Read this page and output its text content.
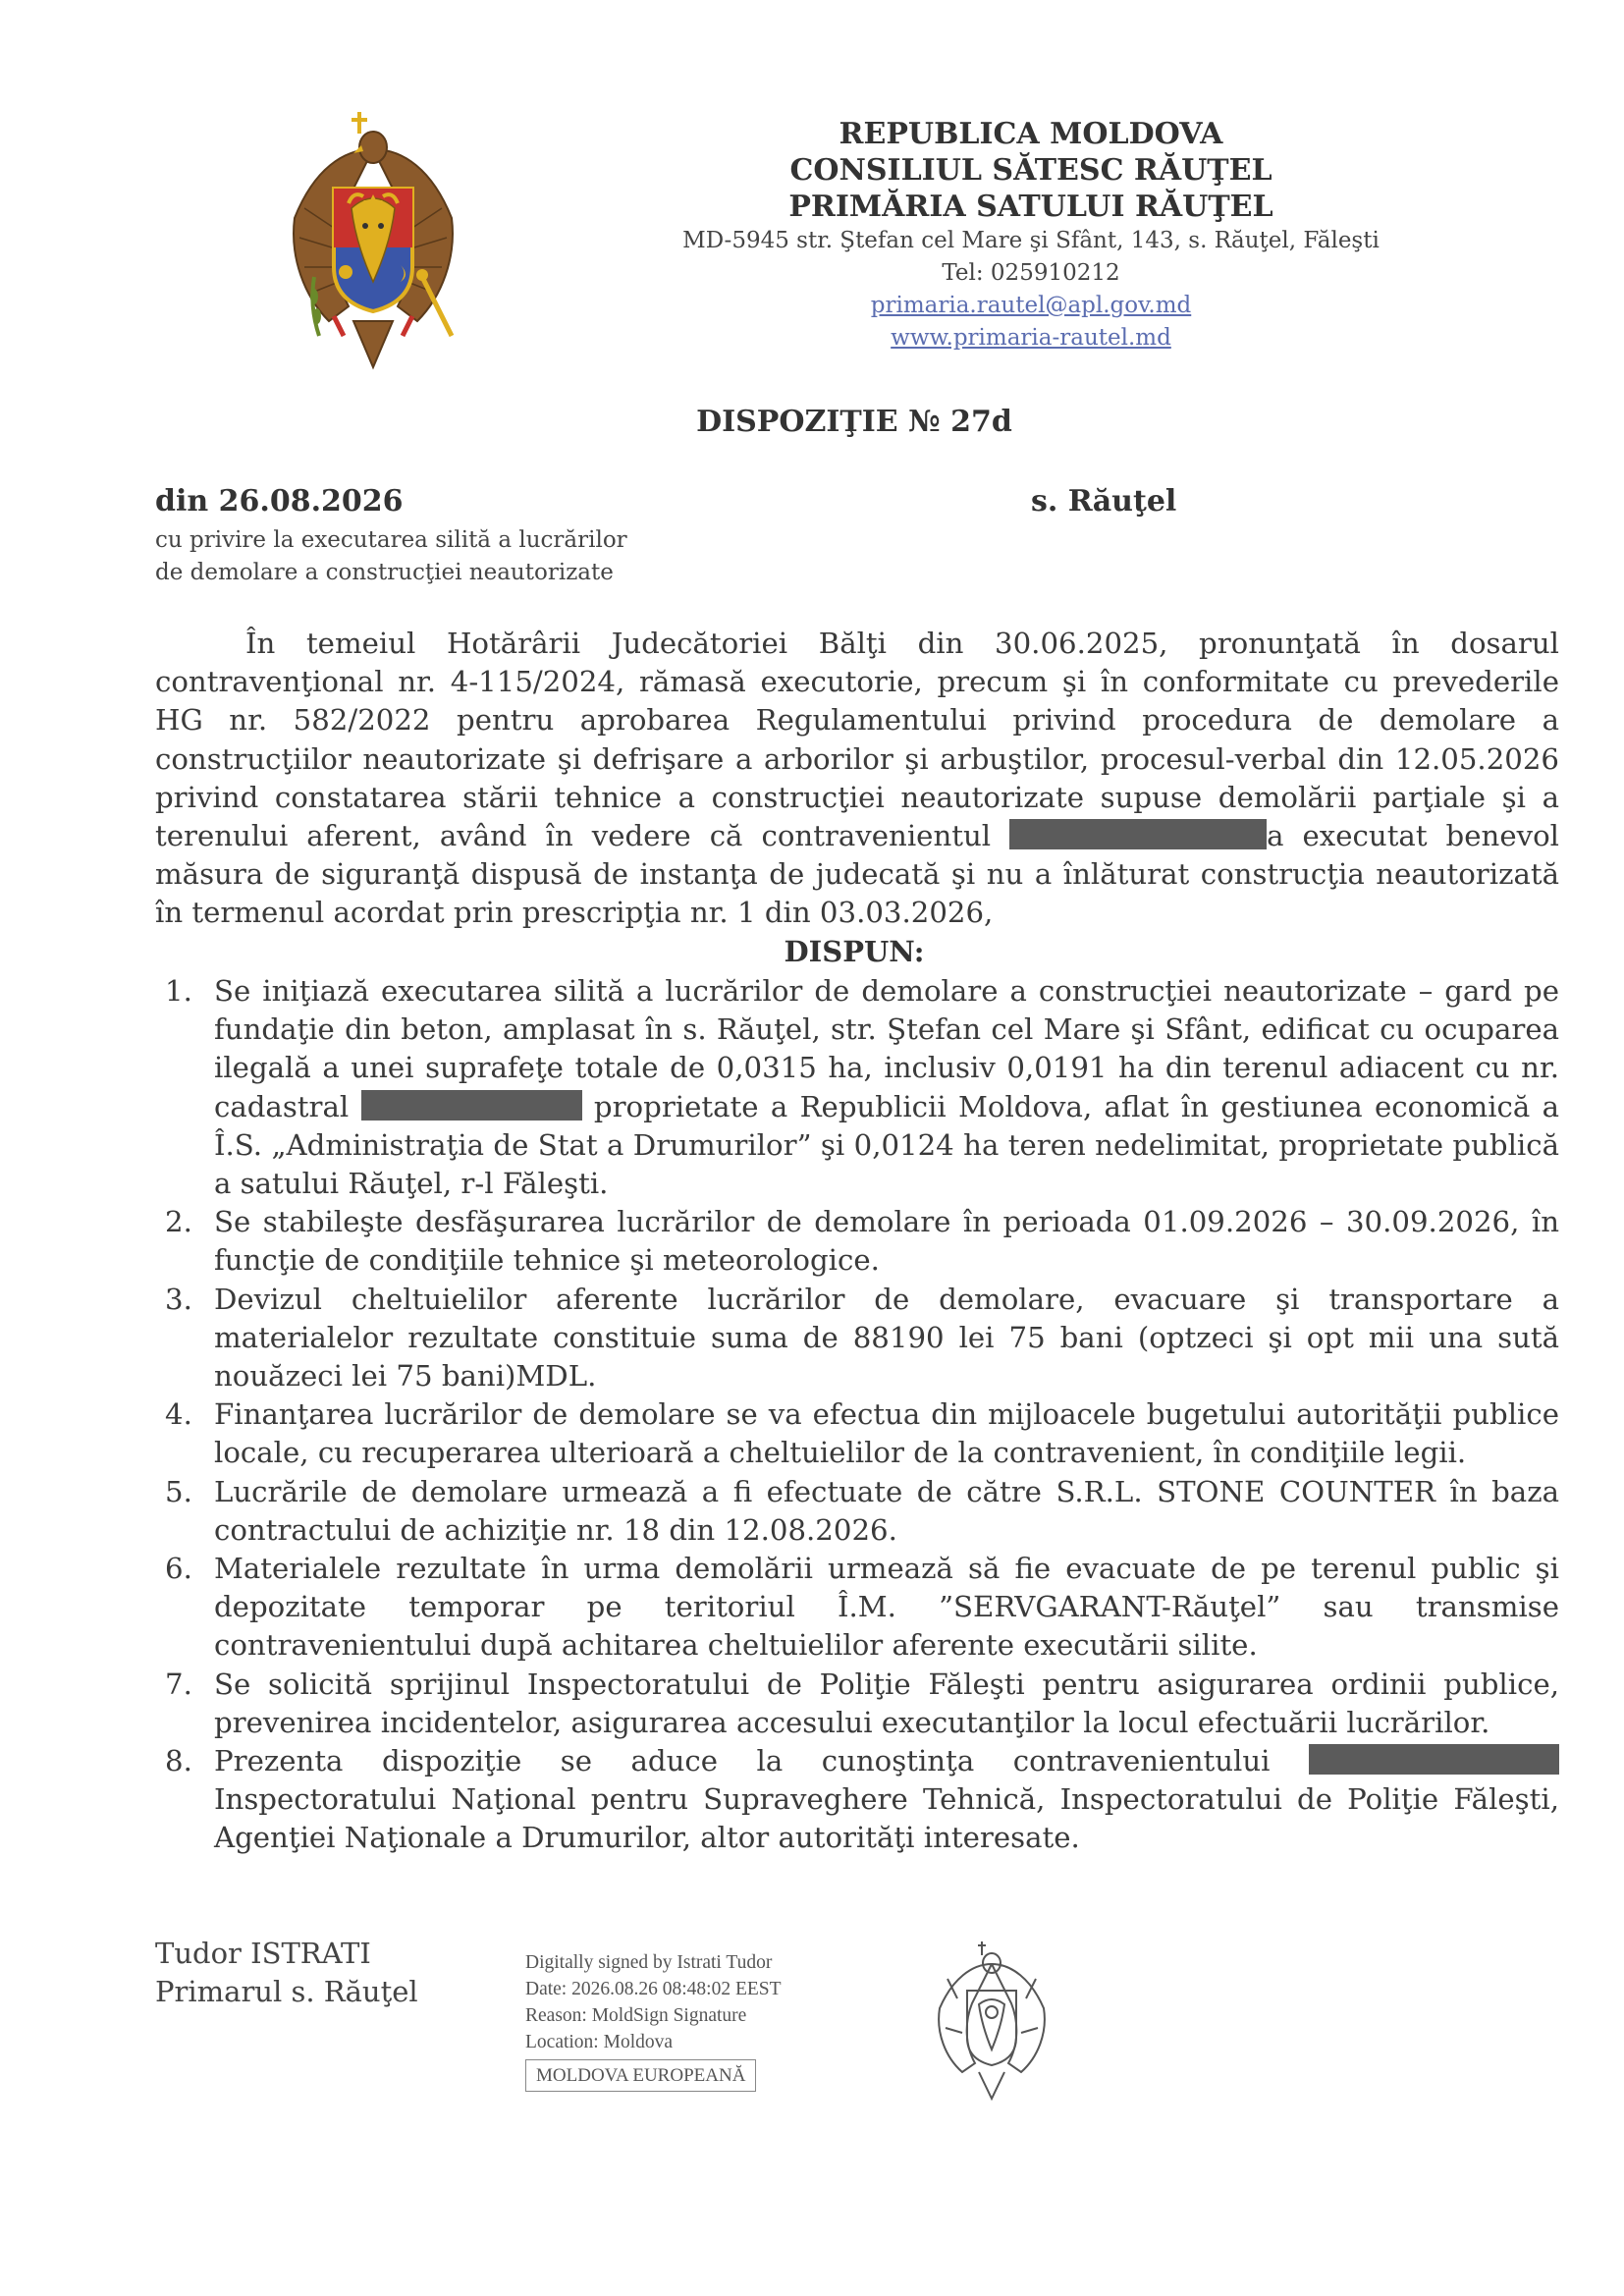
REPUBLICA MOLDOVA
CONSILIUL SĂTESC RĂUŢEL
PRIMĂRIA SATULUI RĂUŢEL
MD-5945 str. Ştefan cel Mare şi Sfânt, 143, s. Răuţel, Făleşti
Tel: 025910212
primaria.rautel@apl.gov.md
www.primaria-rautel.md
DISPOZIŢIE № 27d
din 26.08.2026	s. Răuţel
cu privire la executarea silită a lucrărilor
de demolare a construcţiei neautorizate
În temeiul Hotărârii Judecătoriei Bălţi din 30.06.2025, pronunţată în dosarul contravenţional nr. 4-115/2024, rămasă executorie, precum şi în conformitate cu prevederile HG nr. 582/2022 pentru aprobarea Regulamentului privind procedura de demolare a construcţiilor neautorizate şi defrişare a arborilor şi arbuştilor, procesul-verbal din 12.05.2026 privind constatarea stării tehnice a construcţiei neautorizate supuse demolării parţiale şi a terenului aferent, având în vedere că contravenientul	a executat benevol măsura de siguranţă dispusă de instanţa de judecată şi nu a înlăturat construcţia neautorizată în termenul acordat prin prescripţia nr. 1 din 03.03.2026,
DISPUN:
1. Se iniţiază executarea silită a lucrărilor de demolare a construcţiei neautorizate – gard pe fundaţie din beton, amplasat în s. Răuţel, str. Ştefan cel Mare şi Sfânt, edificat cu ocuparea ilegală a unei suprafeţe totale de 0,0315 ha, inclusiv 0,0191 ha din terenul adiacent cu nr. cadastral	proprietate a Republicii Moldova, aflat în gestiunea economică a Î.S. „Administraţia de Stat a Drumurilor” şi 0,0124 ha teren nedelimitat, proprietate publică a satului Răuţel, r-l Făleşti.
2. Se stabileşte desfăşurarea lucrărilor de demolare în perioada 01.09.2026 – 30.09.2026, în funcţie de condiţiile tehnice şi meteorologice.
3. Devizul cheltuielilor aferente lucrărilor de demolare, evacuare şi transportare a materialelor rezultate constituie suma de 88190 lei 75 bani (optzeci şi opt mii una sută nouăzeci lei 75 bani)MDL.
4. Finanţarea lucrărilor de demolare se va efectua din mijloacele bugetului autorităţii publice locale, cu recuperarea ulterioară a cheltuielilor de la contravenient, în condiţiile legii.
5. Lucrările de demolare urmează a fi efectuate de către S.R.L. STONE COUNTER în baza contractului de achiziţie nr. 18 din 12.08.2026.
6. Materialele rezultate în urma demolării urmează să fie evacuate de pe terenul public şi depozitate temporar pe teritoriul Î.M. ”SERVGARANT-Răuţel” sau transmise contravenientului după achitarea cheltuielilor aferente executării silite.
7. Se solicită sprijinul Inspectoratului de Poliţie Făleşti pentru asigurarea ordinii publice, prevenirea incidentelor, asigurarea accesului executanţilor la locul efectuării lucrărilor.
8. Prezenta dispoziţie se aduce la cunoştinţa contravenientului  Inspectoratului Naţional pentru Supraveghere Tehnică, Inspectoratului de Poliţie Făleşti, Agenţiei Naţionale a Drumurilor, altor autorităţi interesate.
Tudor ISTRATI
Primarul s. Răuţel
Digitally signed by Istrati Tudor
Date: 2026.08.26 08:48:02 EEST
Reason: MoldSign Signature
Location: Moldova
MOLDOVA EUROPEANĂ
